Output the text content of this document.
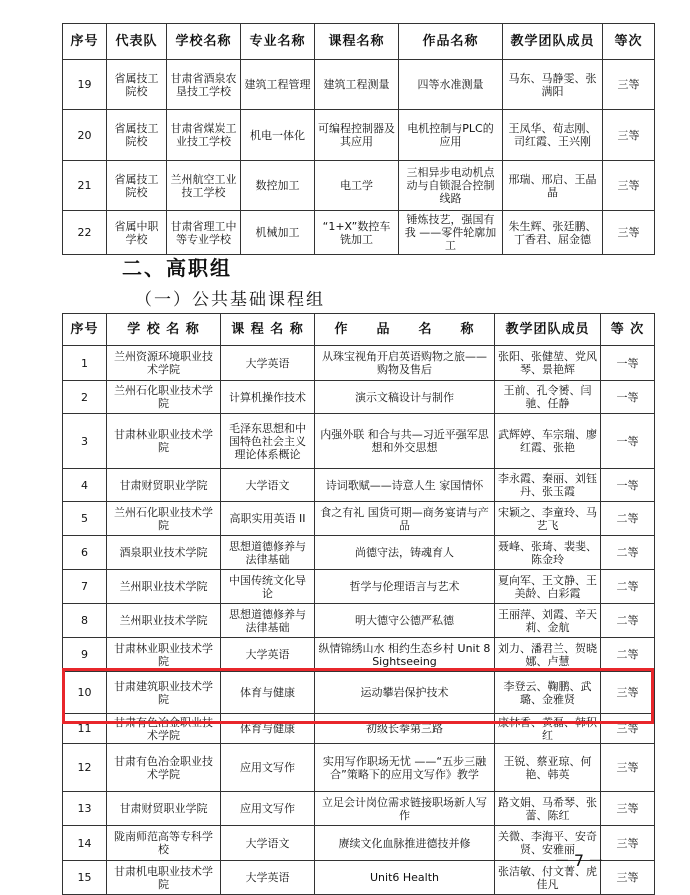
序号	代表队	学校名称	专业名称	课程名称	作品名称	教学团队成员	等次
19	省属技工院校	甘肃省酒泉农垦技工学校	建筑工程管理	建筑工程测量	四等水准测量	马东、马静雯、张满阳	三等
20	省属技工院校	甘肃省煤炭工业技工学校	机电一体化	可编程控制器及其应用	电机控制与PLC的应用	王凤华、荀志刚、司红霞、王兴刚	三等
21	省属技工院校	兰州航空工业技工学校	数控加工	电工学	三相异步电动机点动与自锁混合控制线路	邢瑞、邢启、王晶晶	三等
22	省属中职学校	甘肃省理工中等专业学校	机械加工	“1+X”数控车铣加工	锤炼技艺，强国有我 ——零件轮廓加工	朱生辉、张廷鹏、丁香君、屈金德	三等
二、高职组
（一）公共基础课程组
序号	学 校 名 称	课 程 名 称	作　　品　　名　　称	教学团队成员	等 次
1	兰州资源环境职业技术学院	大学英语	从珠宝视角开启英语购物之旅——购物及售后	张阳、张健堃、党风琴、景艳辉	一等
2	兰州石化职业技术学院	计算机操作技术	演示文稿设计与制作	王前、孔令赟、闫驰、任静	一等
3	甘肃林业职业技术学院	毛泽东思想和中国特色社会主义理论体系概论	内强外联 和合与共—习近平强军思想和外交思想	武辉婷、车宗瑞、廖红霞、张艳	一等
4	甘肃财贸职业学院	大学语文	诗词歌赋——诗意人生 家国情怀	李永霞、秦丽、刘钰丹、张玉霞	一等
5	兰州石化职业技术学院	高职实用英语 II	食之有礼 国货可期—商务宴请与产品	宋颖之、李童玲、马艺飞	二等
6	酒泉职业技术学院	思想道德修养与法律基础	尚德守法，铸魂育人	聂峰、张琦、裴斐、陈金玲	二等
7	兰州职业技术学院	中国传统文化导论	哲学与伦理语言与艺术	夏向军、王文静、王美龄、白彩霞	二等
8	兰州职业技术学院	思想道德修养与法律基础	明大德守公德严私德	王丽萍、刘霞、辛天莉、金航	二等
9	甘肃林业职业技术学院	大学英语	纵情锦绣山水 相约生态乡村 Unit 8 Sightseeing	刘力、潘君兰、贺晓娜、卢慧	二等
10	甘肃建筑职业技术学院	体育与健康	运动攀岩保护技术	李登云、鞠鹏、武璐、金雅贤	三等
11	甘肃有色冶金职业技术学院	体育与健康	初级长拳第三路	康林香、黄磊、韩积红	三等
12	甘肃有色冶金职业技术学院	应用文写作	实用写作职场无忧 ——“五步三融合”策略下的应用文写作》教学	王锐、蔡亚琼、何艳、韩英	三等
13	甘肃财贸职业学院	应用文写作	立足会计岗位需求链接职场新人写作	路文娟、马希琴、张蕾、陈红	三等
14	陇南师范高等专科学校	大学语文	赓续文化血脉推进德技并修	关微、李海平、安奇贤、安雅丽	三等
15	甘肃机电职业技术学院	大学英语	Unit6 Health	张洁敏、付文菁、虎佳凡	三等
－7－
